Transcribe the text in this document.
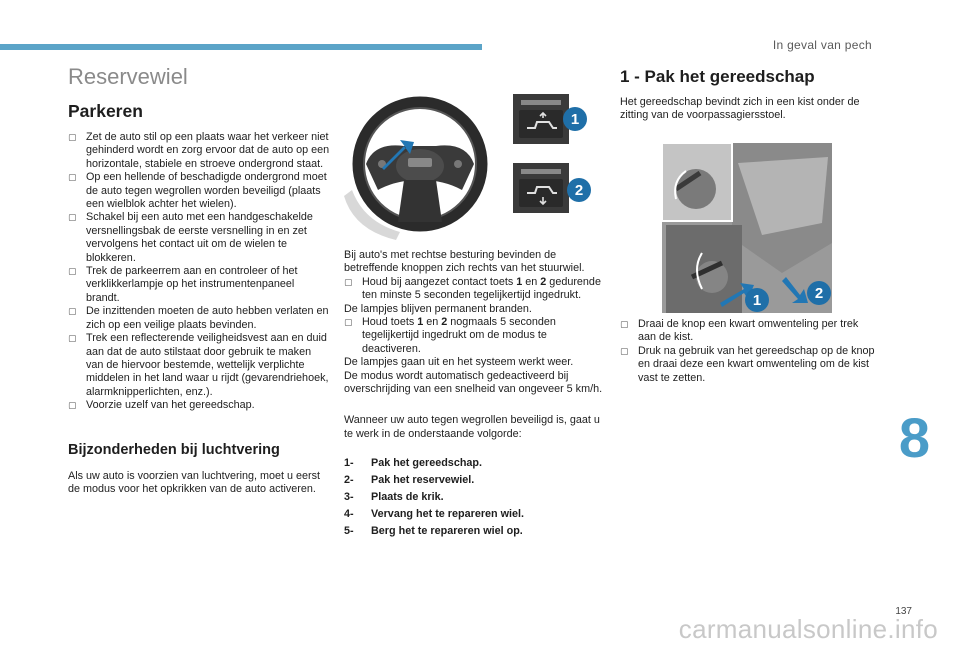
In geval van pech
8
137
carmanualsonline.info
Reservewiel
Parkeren
▢ Zet de auto stil op een plaats waar het verkeer niet gehinderd wordt en zorg ervoor dat de auto op een horizontale, stabiele en stroeve ondergrond staat.
▢ Op een hellende of beschadigde ondergrond moet de auto tegen wegrollen worden beveiligd (plaats een wielblok achter het wielen).
▢ Schakel bij een auto met een handgeschakelde versnellingsbak de eerste versnelling in en zet vervolgens het contact uit om de wielen te blokkeren.
▢ Trek de parkeerrem aan en controleer of het verklikkerlampje op het instrumentenpaneel brandt.
▢ De inzittenden moeten de auto hebben verlaten en zich op een veilige plaats bevinden.
▢ Trek een reflecterende veiligheidsvest aan en duid aan dat de auto stilstaat door gebruik te maken van de hiervoor bestemde, wettelijk verplichte middelen in het land waar u rijdt (gevarendriehoek, alarmknipperlichten, enz.).
▢ Voorzie uzelf van het gereedschap.
Bijzonderheden bij luchtvering

Als uw auto is voorzien van luchtvering, moet u eerst de modus voor het opkrikken van de auto activeren.

1
2

Bij auto's met rechtse besturing bevinden de betreffende knoppen zich rechts van het stuurwiel.

▢ Houd bij aangezet contact toets 1 en 2 gedurende ten minste 5 seconden tegelijkertijd ingedrukt.

De lampjes blijven permanent branden.

▢ Houd toets 1 en 2 nogmaals 5 seconden tegelijkertijd ingedrukt om de modus te deactiveren.

De lampjes gaan uit en het systeem werkt weer.

De modus wordt automatisch gedeactiveerd bij overschrijding van een snelheid van ongeveer 5 km/h.

Wanneer uw auto tegen wegrollen beveiligd is, gaat u te werk in de onderstaande volgorde:

1-	Pak het gereedschap.
2-	Pak het reservewiel.
3-	Plaats de krik.
4-	Vervang het te repareren wiel.
5-	Berg het te repareren wiel op.
1 - Pak het gereedschap

Het gereedschap bevindt zich in een kist onder de zitting van de voorpassagiersstoel.

1	2
▢ Draai de knop een kwart omwenteling per trek aan de kist.
▢ Druk na gebruik van het gereedschap op de knop en draai deze een kwart omwenteling om de kist vast te zetten.
